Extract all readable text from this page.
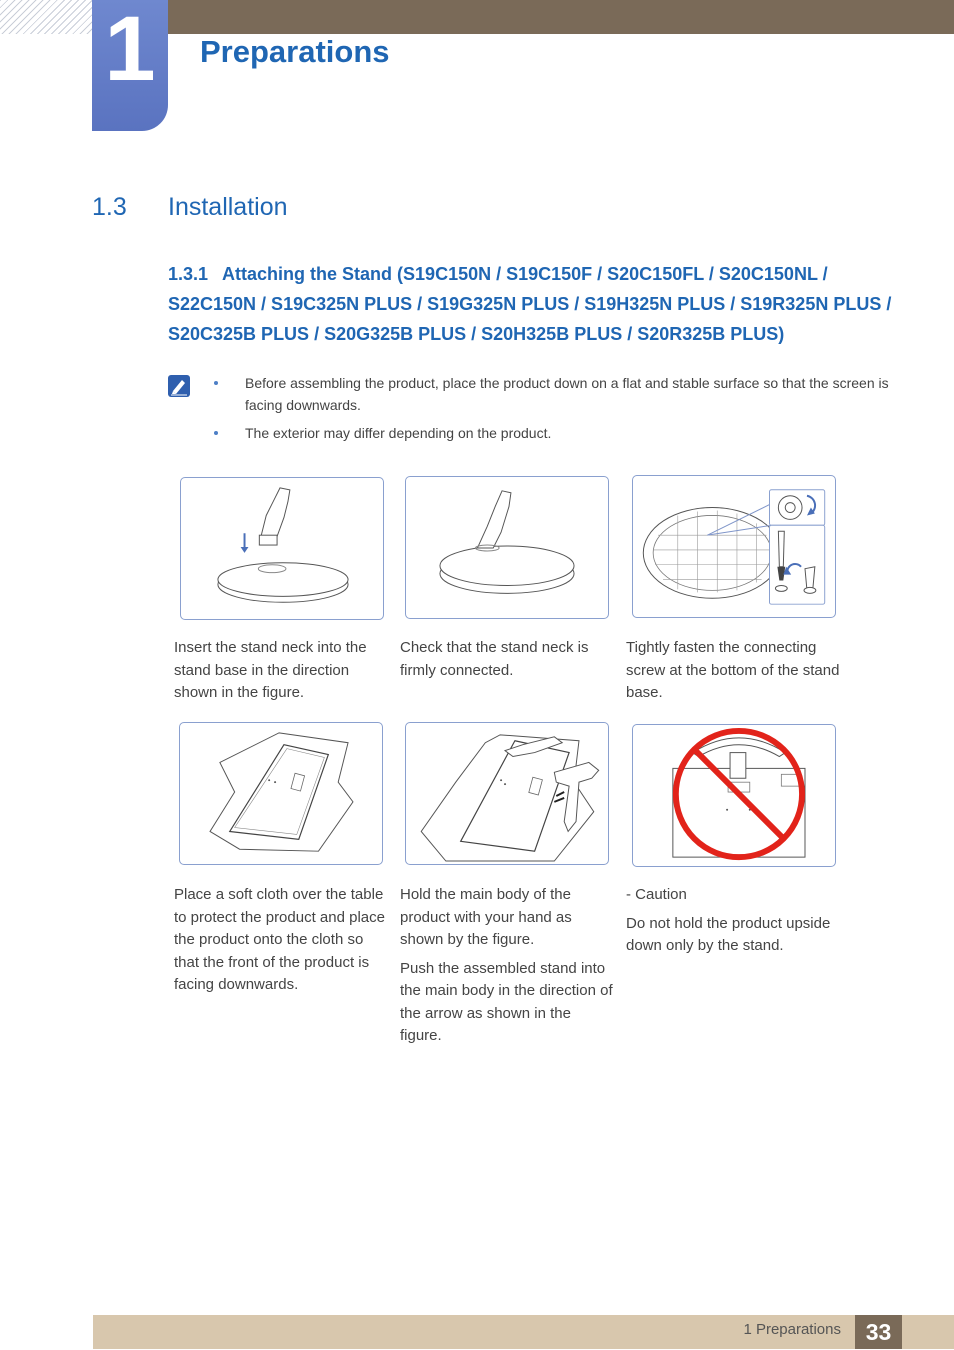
1	Preparations
1.3 Installation
1.3.1 Attaching the Stand (S19C150N / S19C150F / S20C150FL / S20C150NL / S22C150N / S19C325N PLUS / S19G325N PLUS / S19H325N PLUS / S19R325N PLUS / S20C325B PLUS / S20G325B PLUS / S20H325B PLUS / S20R325B PLUS)
Before assembling the product, place the product down on a flat and stable surface so that the screen is facing downwards.
The exterior may differ depending on the product.

Insert the stand neck into the stand base in the direction shown in the figure.

Check that the stand neck is firmly connected.

Tightly fasten the connecting screw at the bottom of the stand base.

Place a soft cloth over the table to protect the product and place the product onto the cloth so that the front of the product is facing downwards.

Hold the main body of the product with your hand as shown by the figure.

Push the assembled stand into the main body in the direction of the arrow as shown in the figure.

- Caution

Do not hold the product upside down only by the stand.

1 Preparations	33
